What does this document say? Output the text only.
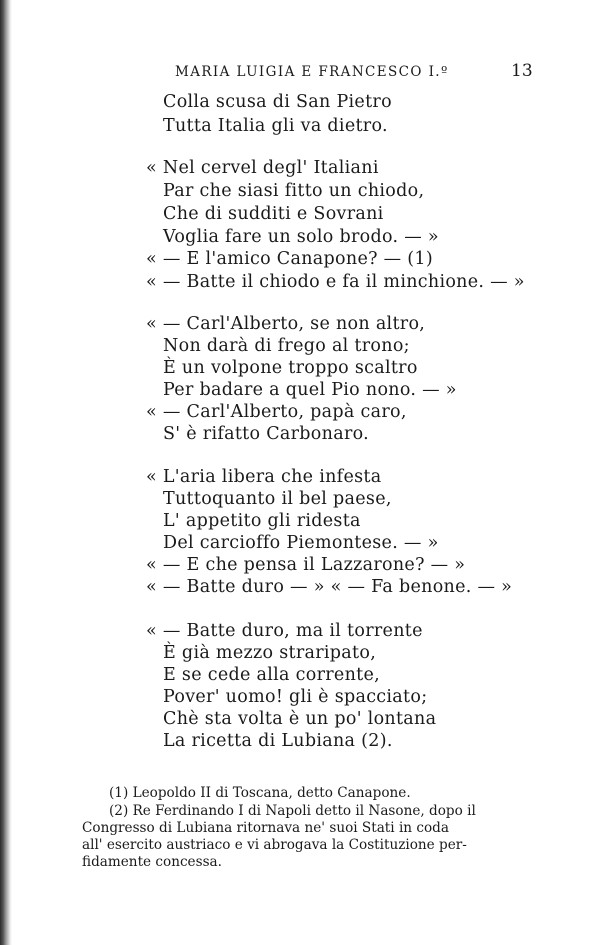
MARIA LUIGIA E FRANCESCO I.º	13
Colla scusa di San Pietro
Tutta Italia gli va dietro.
« Nel cervel degl' Italiani
Par che siasi fitto un chiodo,
Che di sudditi e Sovrani
Voglia fare un solo brodo. — »
« — E l'amico Canapone? — (1)
« — Batte il chiodo e fa il minchione. — »
« — Carl'Alberto, se non altro,
Non darà di frego al trono;
È un volpone troppo scaltro
Per badare a quel Pio nono. — »
« — Carl'Alberto, papà caro,
S' è rifatto Carbonaro.
« L'aria libera che infesta
Tuttoquanto il bel paese,
L' appetito gli ridesta
Del carcioffo Piemontese. — »
« — E che pensa il Lazzarone? — »
« — Batte duro — » « — Fa benone. — »
« — Batte duro, ma il torrente
È già mezzo straripato,
E se cede alla corrente,
Pover' uomo! gli è spacciato;
Chè sta volta è un po' lontana
La ricetta di Lubiana (2).
(1) Leopoldo II di Toscana, detto Canapone.
(2) Re Ferdinando I di Napoli detto il Nasone, dopo il
Congresso di Lubiana ritornava ne' suoi Stati in coda
all' esercito austriaco e vi abrogava la Costituzione per-
fidamente concessa.
